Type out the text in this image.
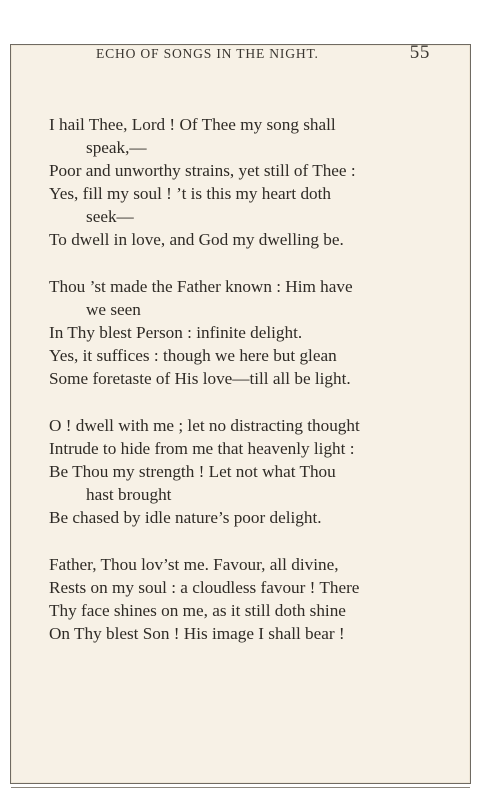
ECHO OF SONGS IN THE NIGHT.	55
I hail Thee, Lord ! Of Thee my song shall
speak,—
Poor and unworthy strains, yet still of Thee :
Yes, fill my soul ! ’t is this my heart doth
seek—
To dwell in love, and God my dwelling be.
Thou ’st made the Father known : Him have
we seen
In Thy blest Person : infinite delight.
Yes, it suffices : though we here but glean
Some foretaste of His love—till all be light.
O ! dwell with me ; let no distracting thought
Intrude to hide from me that heavenly light :
Be Thou my strength ! Let not what Thou
hast brought
Be chased by idle nature’s poor delight.
Father, Thou lov’st me. Favour, all divine,
Rests on my soul : a cloudless favour ! There
Thy face shines on me, as it still doth shine
On Thy blest Son ! His image I shall bear !
